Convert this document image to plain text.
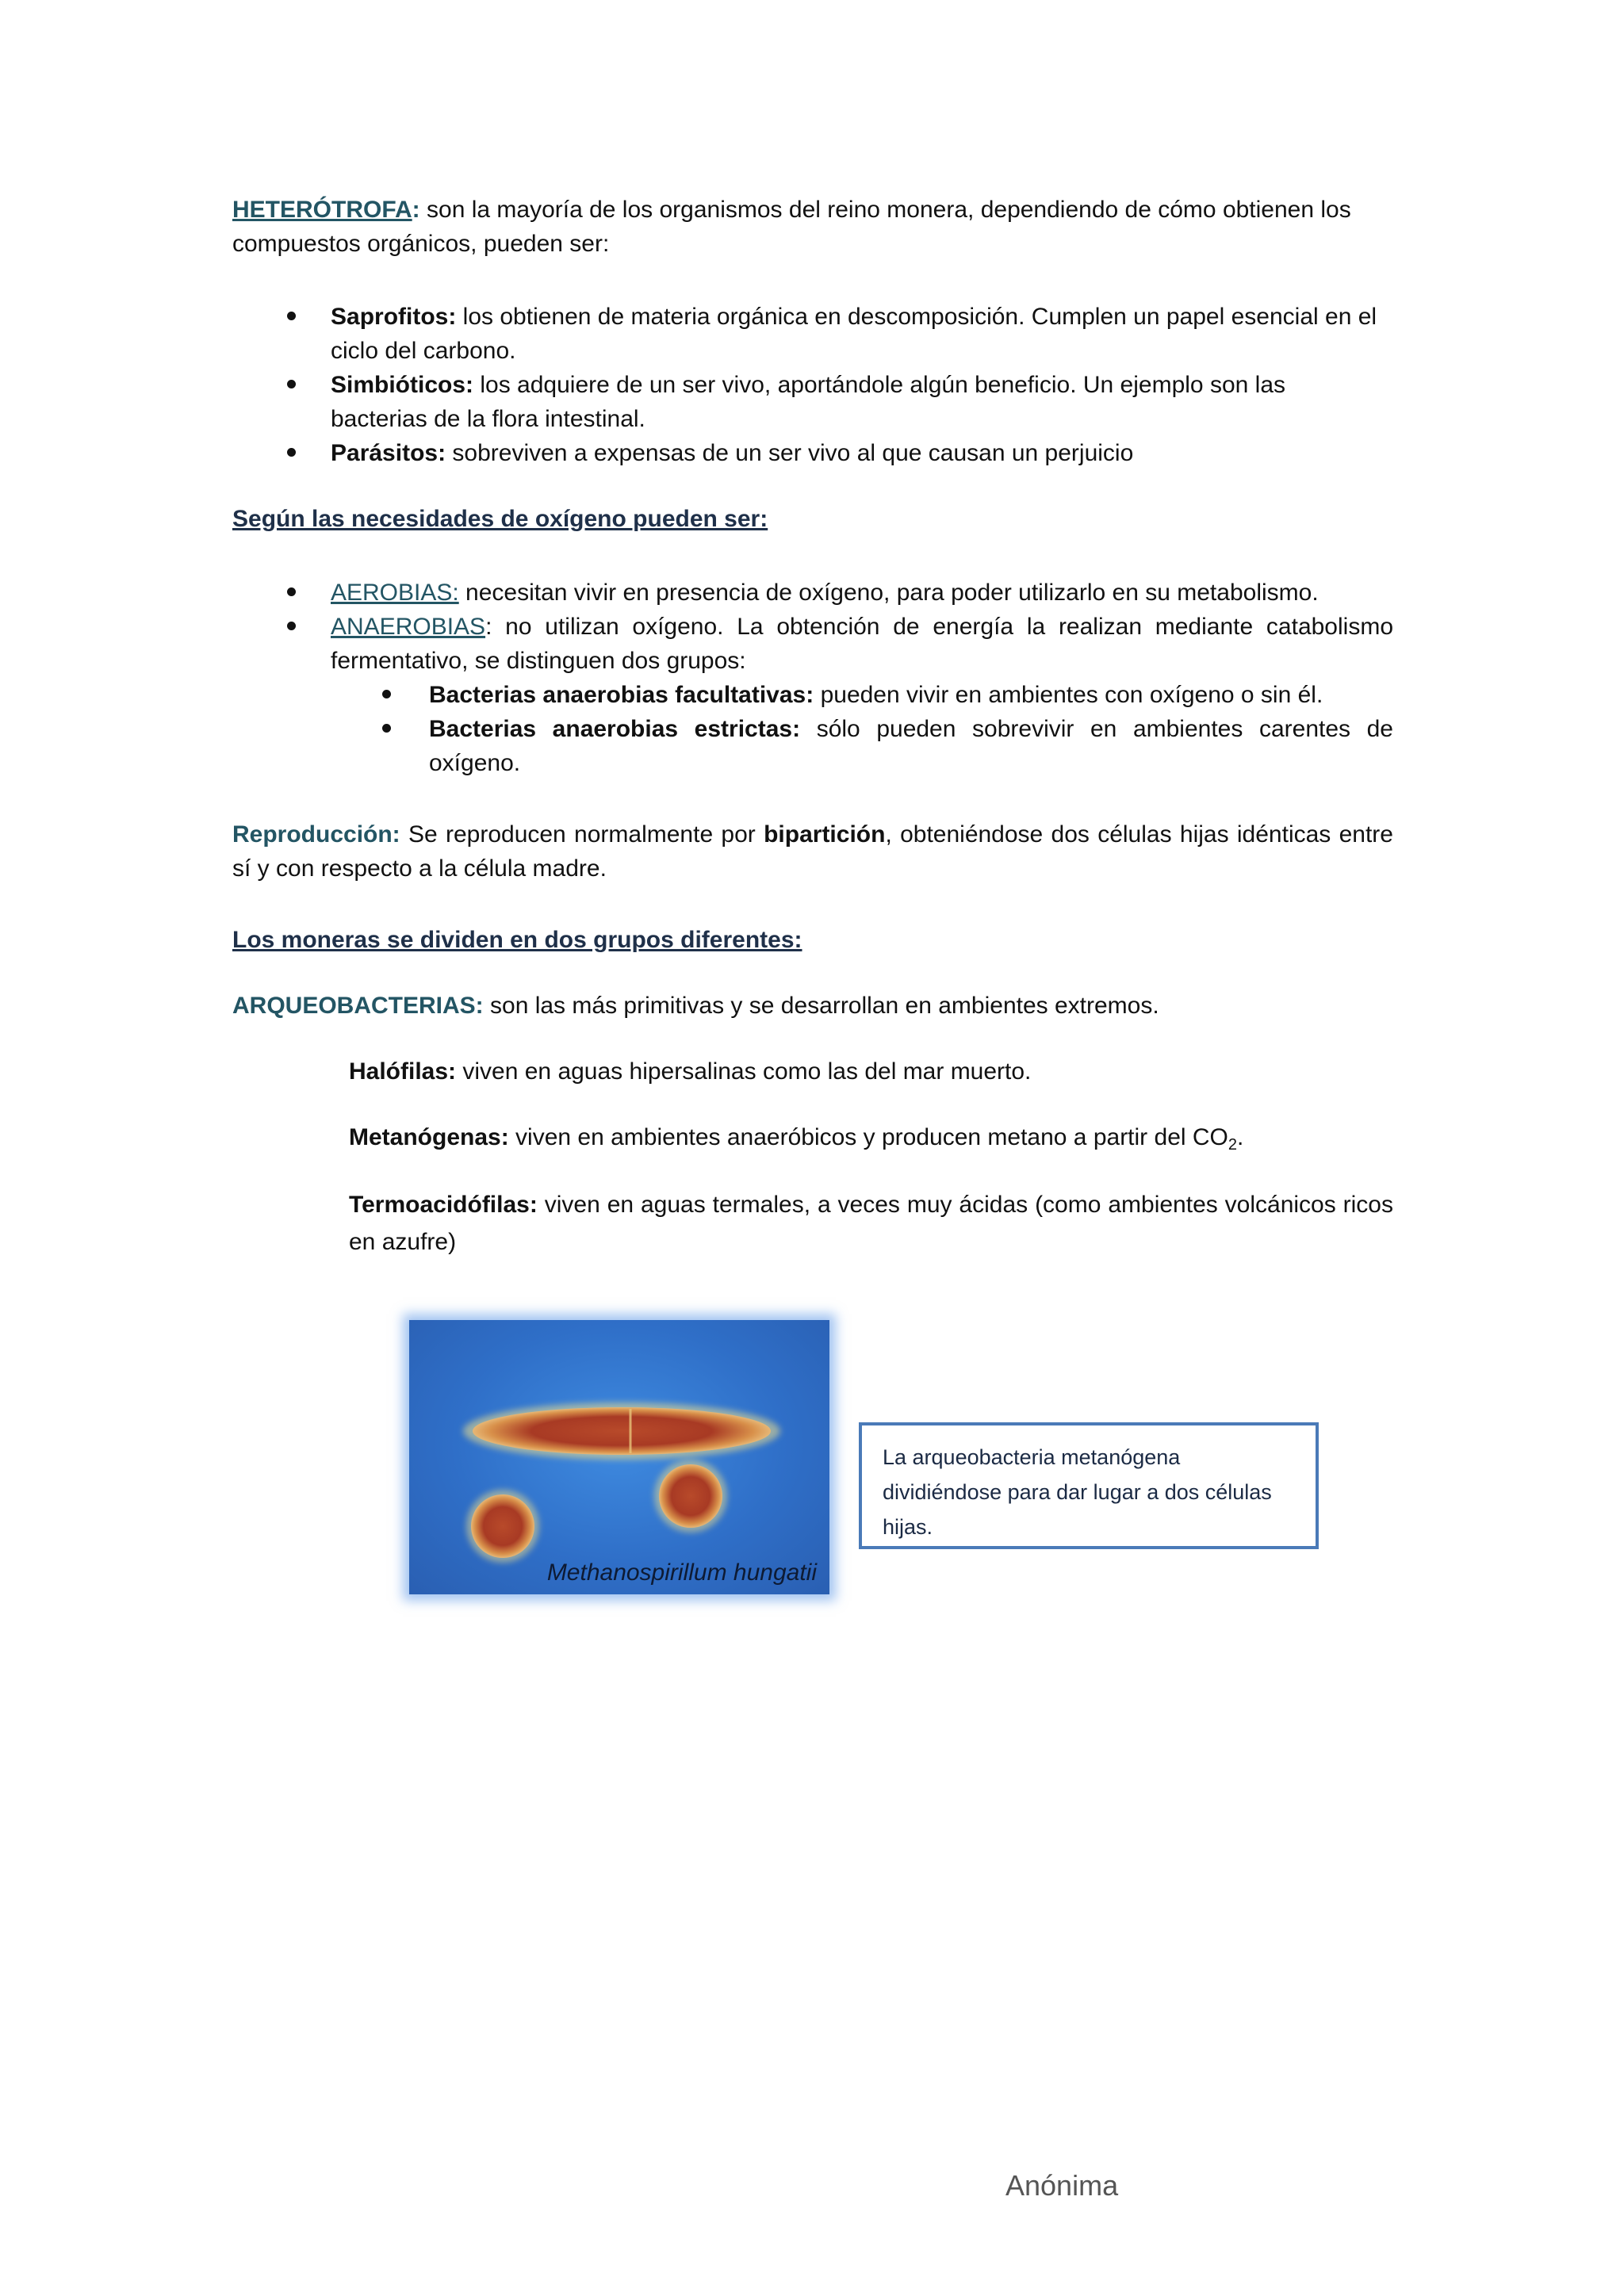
HETERÓTROFA: son la mayoría de los organismos del reino monera, dependiendo de cómo obtienen los compuestos orgánicos, pueden ser:
Saprofitos: los obtienen de materia orgánica en descomposición. Cumplen un papel esencial en el ciclo del carbono.
Simbióticos: los adquiere de un ser vivo, aportándole algún beneficio. Un ejemplo son las bacterias de la flora intestinal.
Parásitos: sobreviven a expensas de un ser vivo al que causan un perjuicio
Según las necesidades de oxígeno pueden ser:
AEROBIAS: necesitan vivir en presencia de oxígeno, para poder utilizarlo en su metabolismo.
ANAEROBIAS: no utilizan oxígeno. La obtención de energía la realizan mediante catabolismo fermentativo, se distinguen dos grupos:
Bacterias anaerobias facultativas: pueden vivir en ambientes con oxígeno o sin él.
Bacterias anaerobias estrictas: sólo pueden sobrevivir en ambientes carentes de oxígeno.
Reproducción: Se reproducen normalmente por bipartición, obteniéndose dos células hijas idénticas entre sí y con respecto a la célula madre.
Los moneras se dividen en dos grupos diferentes:
ARQUEOBACTERIAS: son las más primitivas y se desarrollan en ambientes extremos.
Halófilas: viven en aguas hipersalinas como las del mar muerto.
Metanógenas: viven en ambientes anaeróbicos y producen metano a partir del $CO_2$.
Termoacidófilas: viven en aguas termales, a veces muy ácidas (como ambientes volcánicos ricos en azufre)
Methanospirillum hungatii
La arqueobacteria metanógena dividiéndose para dar lugar a dos células hijas.
Anónima
